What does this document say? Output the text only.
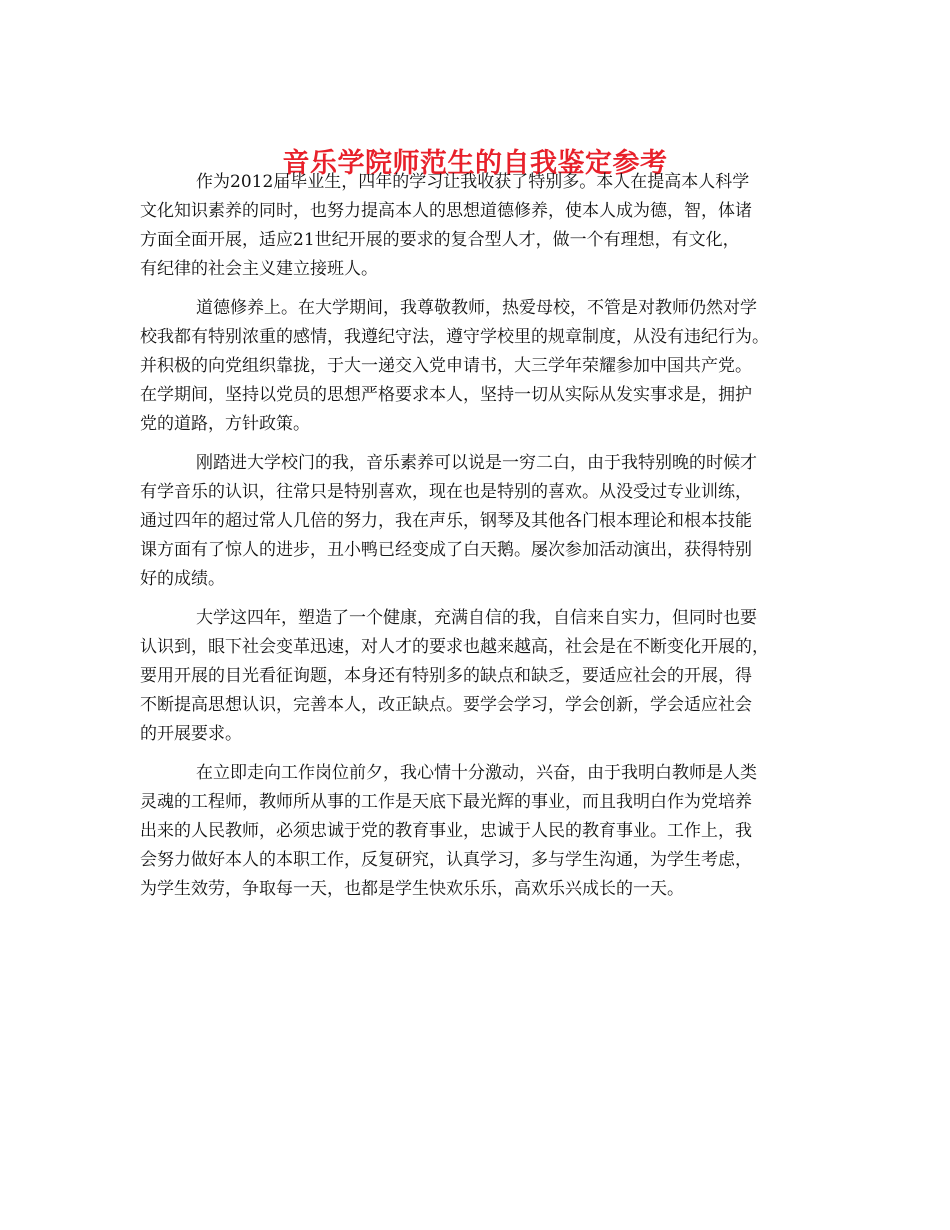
音乐学院师范生的自我鉴定参考

作为2012届毕业生，四年的学习让我收获了特别多。本人在提高本人科学
文化知识素养的同时，也努力提高本人的思想道德修养，使本人成为德，智，体诸
方面全面开展，适应21世纪开展的要求的复合型人才，做一个有理想，有文化，
有纪律的社会主义建立接班人。

道德修养上。在大学期间，我尊敬教师，热爱母校，不管是对教师仍然对学
校我都有特别浓重的感情，我遵纪守法，遵守学校里的规章制度，从没有违纪行为。
并积极的向党组织靠拢，于大一递交入党申请书，大三学年荣耀参加中国共产党。
在学期间，坚持以党员的思想严格要求本人，坚持一切从实际从发实事求是，拥护
党的道路，方针政策。

刚踏进大学校门的我，音乐素养可以说是一穷二白，由于我特别晚的时候才
有学音乐的认识，往常只是特别喜欢，现在也是特别的喜欢。从没受过专业训练，
通过四年的超过常人几倍的努力，我在声乐，钢琴及其他各门根本理论和根本技能
课方面有了惊人的进步，丑小鸭已经变成了白天鹅。屡次参加活动演出，获得特别
好的成绩。

大学这四年，塑造了一个健康，充满自信的我，自信来自实力，但同时也要
认识到，眼下社会变革迅速，对人才的要求也越来越高，社会是在不断变化开展的，
要用开展的目光看征询题，本身还有特别多的缺点和缺乏，要适应社会的开展，得
不断提高思想认识，完善本人，改正缺点。要学会学习，学会创新，学会适应社会
的开展要求。

在立即走向工作岗位前夕，我心情十分激动，兴奋，由于我明白教师是人类
灵魂的工程师，教师所从事的工作是天底下最光辉的事业，而且我明白作为党培养
出来的人民教师，必须忠诚于党的教育事业，忠诚于人民的教育事业。工作上，我
会努力做好本人的本职工作，反复研究，认真学习，多与学生沟通，为学生考虑，
为学生效劳，争取每一天，也都是学生快欢乐乐，高欢乐兴成长的一天。
